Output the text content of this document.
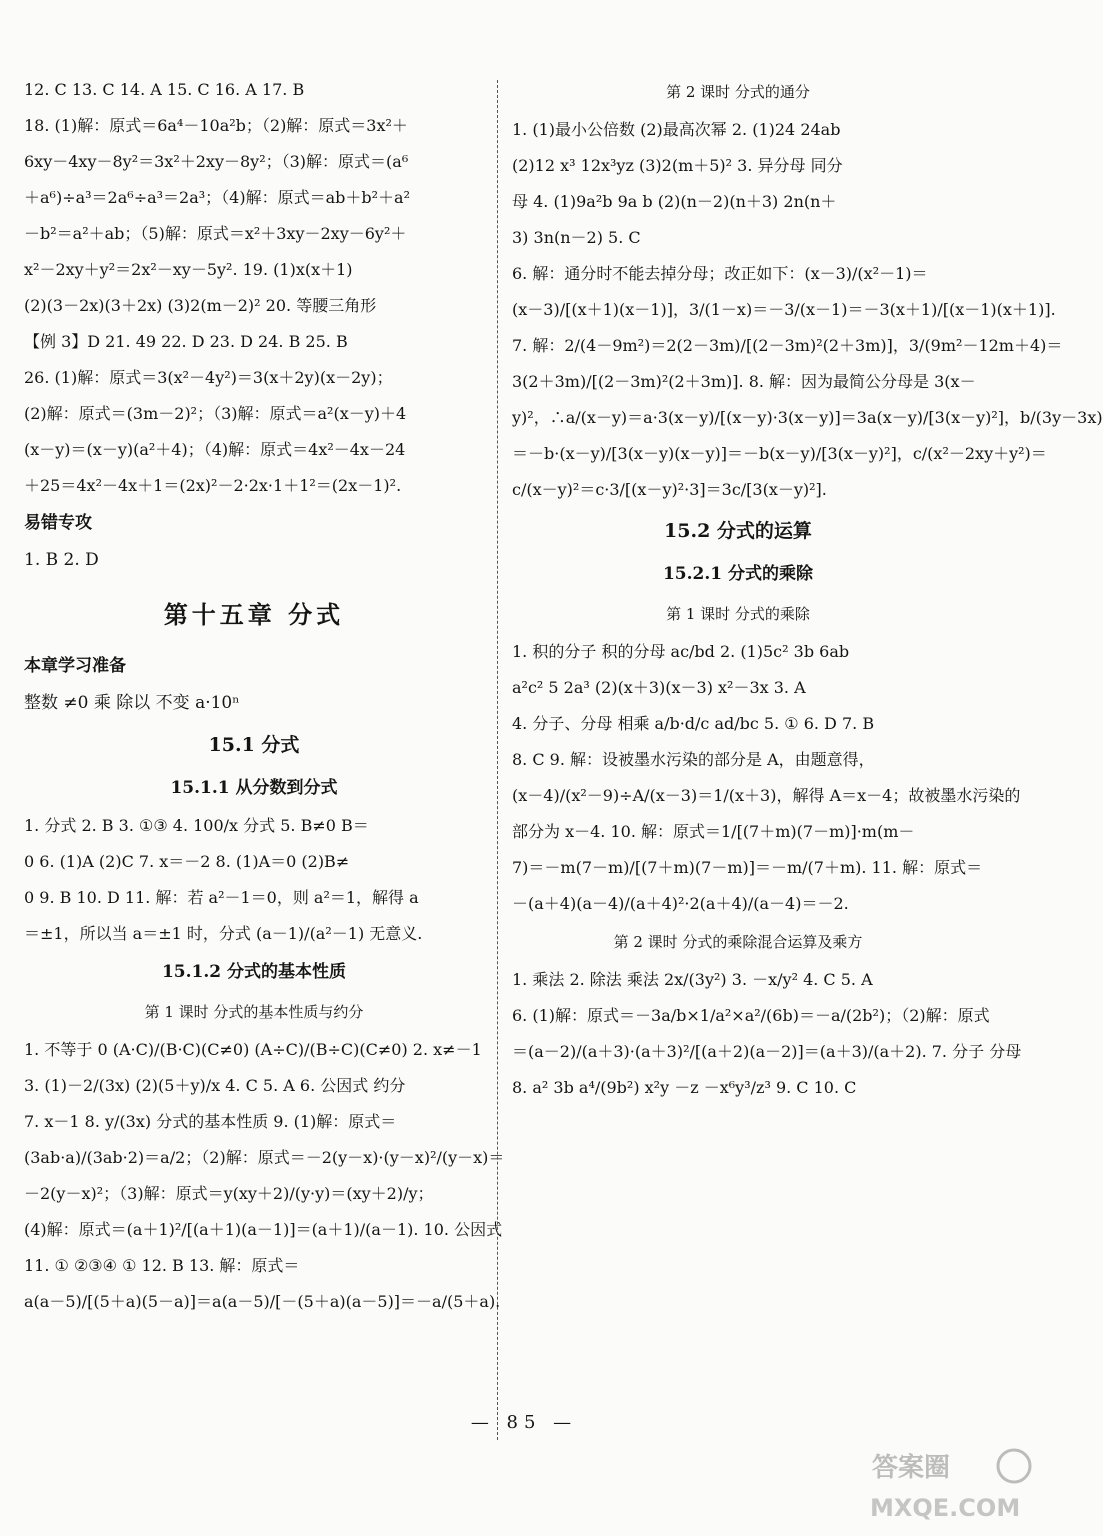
12. C 13. C 14. A 15. C 16. A 17. B
18. (1)解：原式＝6a⁴－10a²b；（2)解：原式＝3x²＋
6xy－4xy－8y²＝3x²＋2xy－8y²；（3)解：原式＝(a⁶
＋a⁶)÷a³＝2a⁶÷a³＝2a³；（4)解：原式＝ab＋b²＋a²
－b²＝a²＋ab；（5)解：原式＝x²＋3xy－2xy－6y²＋
x²－2xy＋y²＝2x²－xy－5y². 19. (1)x(x＋1)
(2)(3－2x)(3＋2x) (3)2(m－2)² 20. 等腰三角形
【例 3】D 21. 49 22. D 23. D 24. B 25. B
26. (1)解：原式＝3(x²－4y²)＝3(x＋2y)(x－2y)；
(2)解：原式＝(3m－2)²；（3)解：原式＝a²(x－y)＋4
(x－y)＝(x－y)(a²＋4)；（4)解：原式＝4x²－4x－24
＋25＝4x²－4x＋1＝(2x)²－2·2x·1＋1²＝(2x－1)².
易错专攻
1. B 2. D
第十五章 分式
本章学习准备
整数 ≠0 乘 除以 不变 a·10ⁿ
15.1 分式
15.1.1 从分数到分式
1. 分式 2. B 3. ①③ 4. 100/x 分式 5. B≠0 B＝
0 6. (1)A (2)C 7. x＝－2 8. (1)A＝0 (2)B≠
0 9. B 10. D 11. 解：若 a²－1＝0，则 a²＝1，解得 a
＝±1，所以当 a＝±1 时，分式 (a－1)/(a²－1) 无意义.
15.1.2 分式的基本性质
第 1 课时 分式的基本性质与约分
1. 不等于 0 (A·C)/(B·C)(C≠0) (A÷C)/(B÷C)(C≠0) 2. x≠－1
3. (1)－2/(3x) (2)(5＋y)/x 4. C 5. A 6. 公因式 约分
7. x－1 8. y/(3x) 分式的基本性质 9. (1)解：原式＝
(3ab·a)/(3ab·2)＝a/2；（2)解：原式＝－2(y－x)·(y－x)²/(y－x)＝
－2(y－x)²；（3)解：原式＝y(xy＋2)/(y·y)＝(xy＋2)/y；
(4)解：原式＝(a＋1)²/[(a＋1)(a－1)]＝(a＋1)/(a－1). 10. 公因式
11. ① ②③④ ① 12. B 13. 解：原式＝
a(a－5)/[(5＋a)(5－a)]＝a(a－5)/[－(5＋a)(a－5)]＝－a/(5＋a).
第 2 课时 分式的通分
1. (1)最小公倍数 (2)最高次幂 2. (1)24 24ab
(2)12 x³ 12x³yz (3)2(m＋5)² 3. 异分母 同分
母 4. (1)9a²b 9a b (2)(n－2)(n＋3) 2n(n＋
3) 3n(n－2) 5. C
6. 解：通分时不能去掉分母；改正如下：(x－3)/(x²－1)＝
(x－3)/[(x＋1)(x－1)]，3/(1－x)＝－3/(x－1)＝－3(x＋1)/[(x－1)(x＋1)].
7. 解：2/(4－9m²)＝2(2－3m)/[(2－3m)²(2＋3m)]，3/(9m²－12m＋4)＝
3(2＋3m)/[(2－3m)²(2＋3m)]. 8. 解：因为最简公分母是 3(x－
y)²，∴a/(x－y)＝a·3(x－y)/[(x－y)·3(x－y)]＝3a(x－y)/[3(x－y)²]，b/(3y－3x)
＝－b·(x－y)/[3(x－y)(x－y)]＝－b(x－y)/[3(x－y)²]，c/(x²－2xy＋y²)＝
c/(x－y)²＝c·3/[(x－y)²·3]＝3c/[3(x－y)²].
15.2 分式的运算
15.2.1 分式的乘除
第 1 课时 分式的乘除
1. 积的分子 积的分母 ac/bd 2. (1)5c² 3b 6ab
a²c² 5 2a³ (2)(x＋3)(x－3) x²－3x 3. A
4. 分子、分母 相乘 a/b·d/c ad/bc 5. ① 6. D 7. B
8. C 9. 解：设被墨水污染的部分是 A，由题意得，
(x－4)/(x²－9)÷A/(x－3)＝1/(x＋3)，解得 A＝x－4；故被墨水污染的
部分为 x－4. 10. 解：原式＝1/[(7＋m)(7－m)]·m(m－
7)＝－m(7－m)/[(7＋m)(7－m)]＝－m/(7＋m). 11. 解：原式＝
－(a＋4)(a－4)/(a＋4)²·2(a＋4)/(a－4)＝－2.
第 2 课时 分式的乘除混合运算及乘方
1. 乘法 2. 除法 乘法 2x/(3y²) 3. －x/y² 4. C 5. A
6. (1)解：原式＝－3a/b×1/a²×a²/(6b)＝－a/(2b²)；（2)解：原式
＝(a－2)/(a＋3)·(a＋3)²/[(a＋2)(a－2)]＝(a＋3)/(a＋2). 7. 分子 分母
8. a² 3b a⁴/(9b²) x²y －z －x⁶y³/z³ 9. C 10. C
— 85 —
答案圈
MXQE.COM
